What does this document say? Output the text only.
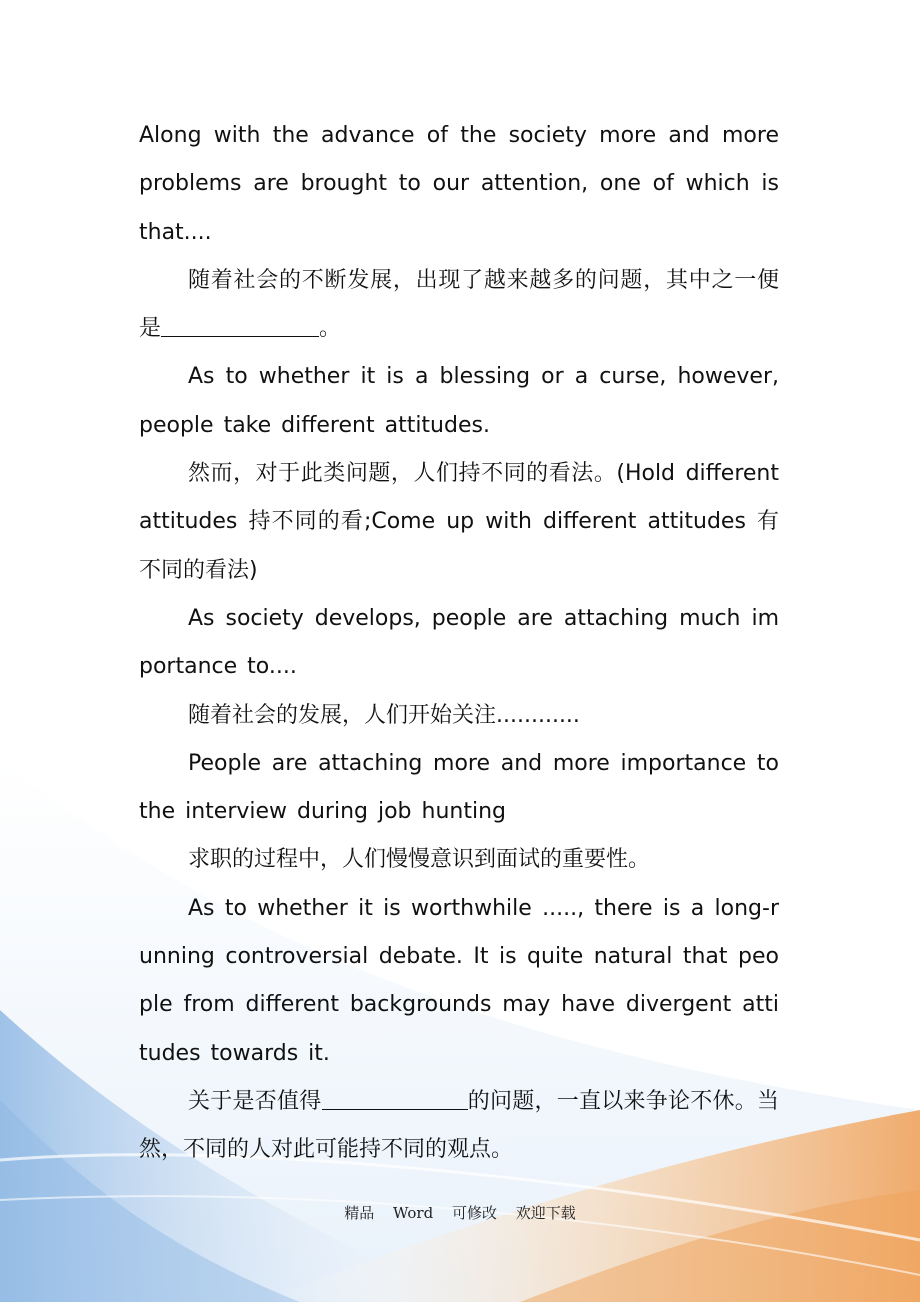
Along with the advance of the society more and more problems are brought to our attention, one of which is that....

随着社会的不断发展，出现了越来越多的问题，其中之一便是	。

As to whether it is a blessing or a curse, however, people take different attitudes.

然而，对于此类问题，人们持不同的看法。(Hold different attitudes 持不同的看;Come up with different attitudes 有不同的看法)

As society develops, people are attaching much importance to....

随着社会的发展，人们开始关注............

People are attaching more and more importance to the interview during job hunting

求职的过程中，人们慢慢意识到面试的重要性。

As to whether it is worthwhile ....., there is a long-running controversial debate. It is quite natural that people from different backgrounds may have divergent attitudes towards it.

关于是否值得	的问题，一直以来争论不休。当然，不同的人对此可能持不同的观点。

精品 Word 可修改 欢迎下载
